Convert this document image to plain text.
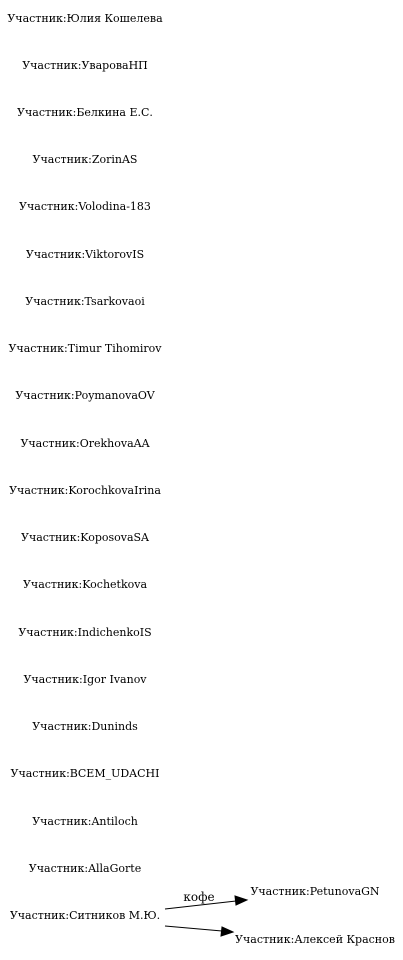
Участник:Юлия Кошелева
Участник:УвароваНП
Участник:Белкина Е.С.
Участник:ZorinAS
Участник:Volodina-183
Участник:ViktorovIS
Участник:Tsarkovaoi
Участник:Timur Tihomirov
Участник:PoymanovaOV
Участник:OrekhovaAA
Участник:KorochkovaIrina
Участник:KoposovaSA
Участник:Kochetkova
Участник:IndichenkoIS
Участник:Igor Ivanov
Участник:Duninds
Участник:ВСЕМ_UDACHI
Участник:Antiloch
Участник:AllaGorte
Участник:Ситников М.Ю.
Участник:PetunovaGN
Участник:Алексей Краснов
кофе
